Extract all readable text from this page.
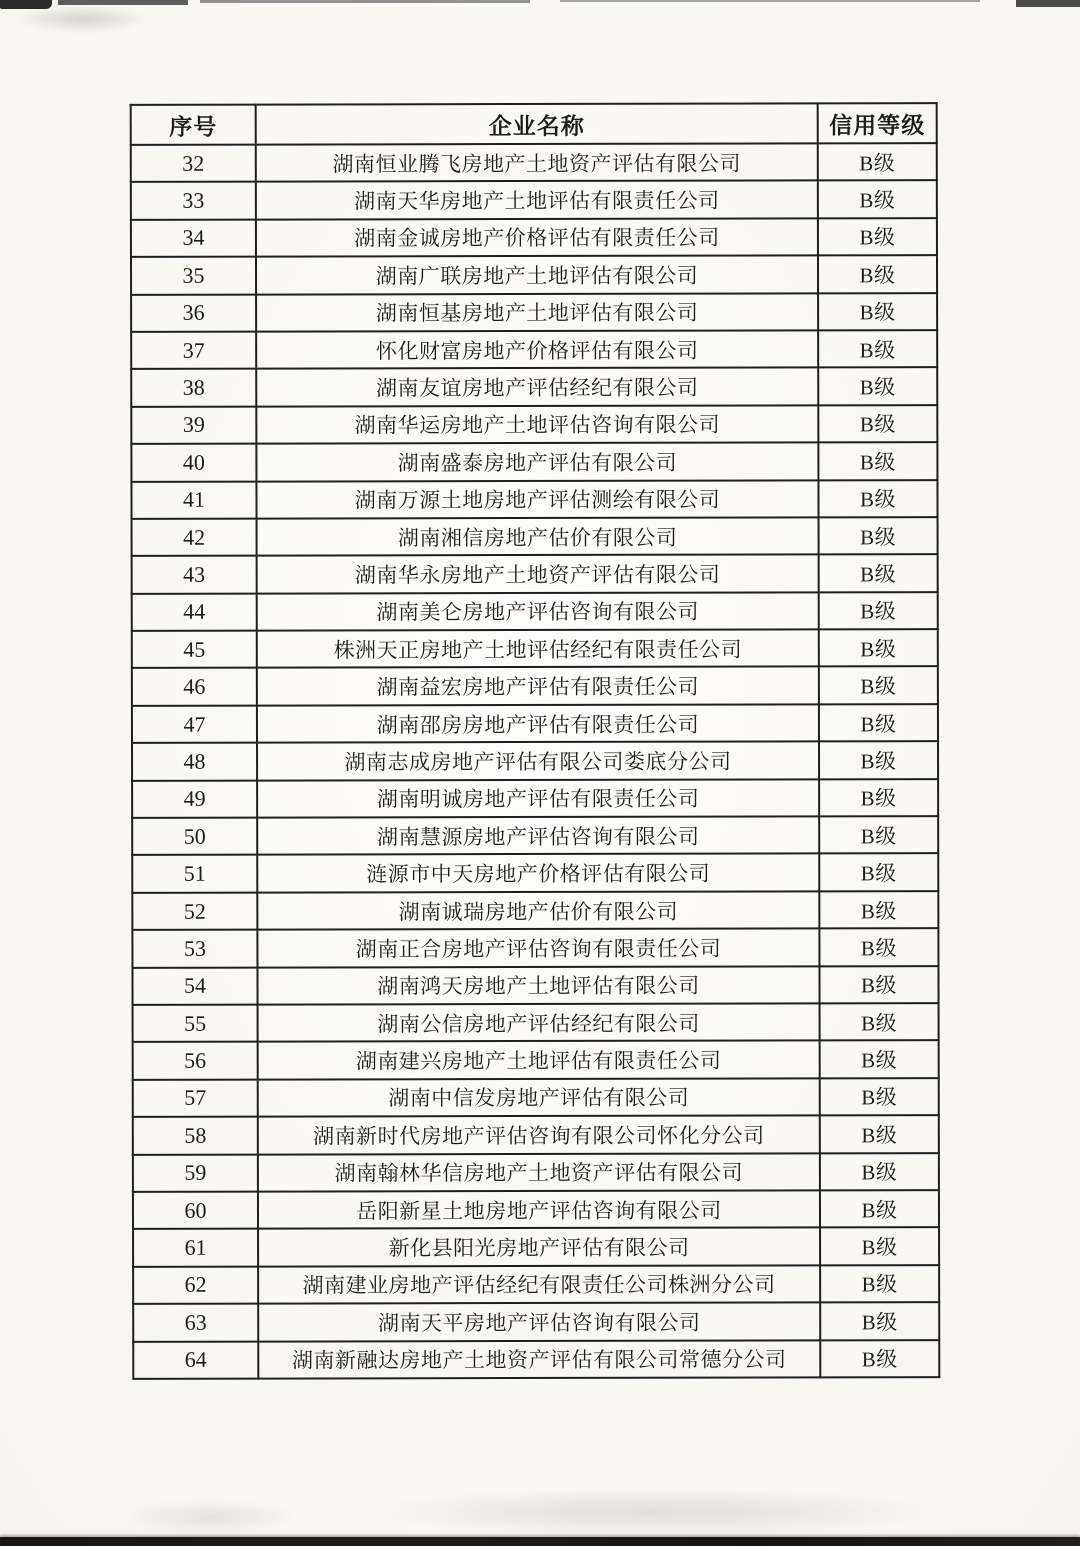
序号	企业名称	信用等级
32	湖南恒业腾飞房地产土地资产评估有限公司	B级
33	湖南天华房地产土地评估有限责任公司	B级
34	湖南金诚房地产价格评估有限责任公司	B级
35	湖南广联房地产土地评估有限公司	B级
36	湖南恒基房地产土地评估有限公司	B级
37	怀化财富房地产价格评估有限公司	B级
38	湖南友谊房地产评估经纪有限公司	B级
39	湖南华运房地产土地评估咨询有限公司	B级
40	湖南盛泰房地产评估有限公司	B级
41	湖南万源土地房地产评估测绘有限公司	B级
42	湖南湘信房地产估价有限公司	B级
43	湖南华永房地产土地资产评估有限公司	B级
44	湖南美仑房地产评估咨询有限公司	B级
45	株洲天正房地产土地评估经纪有限责任公司	B级
46	湖南益宏房地产评估有限责任公司	B级
47	湖南邵房房地产评估有限责任公司	B级
48	湖南志成房地产评估有限公司娄底分公司	B级
49	湖南明诚房地产评估有限责任公司	B级
50	湖南慧源房地产评估咨询有限公司	B级
51	涟源市中天房地产价格评估有限公司	B级
52	湖南诚瑞房地产估价有限公司	B级
53	湖南正合房地产评估咨询有限责任公司	B级
54	湖南鸿天房地产土地评估有限公司	B级
55	湖南公信房地产评估经纪有限公司	B级
56	湖南建兴房地产土地评估有限责任公司	B级
57	湖南中信发房地产评估有限公司	B级
58	湖南新时代房地产评估咨询有限公司怀化分公司	B级
59	湖南翰林华信房地产土地资产评估有限公司	B级
60	岳阳新星土地房地产评估咨询有限公司	B级
61	新化县阳光房地产评估有限公司	B级
62	湖南建业房地产评估经纪有限责任公司株洲分公司	B级
63	湖南天平房地产评估咨询有限公司	B级
64	湖南新融达房地产土地资产评估有限公司常德分公司	B级
